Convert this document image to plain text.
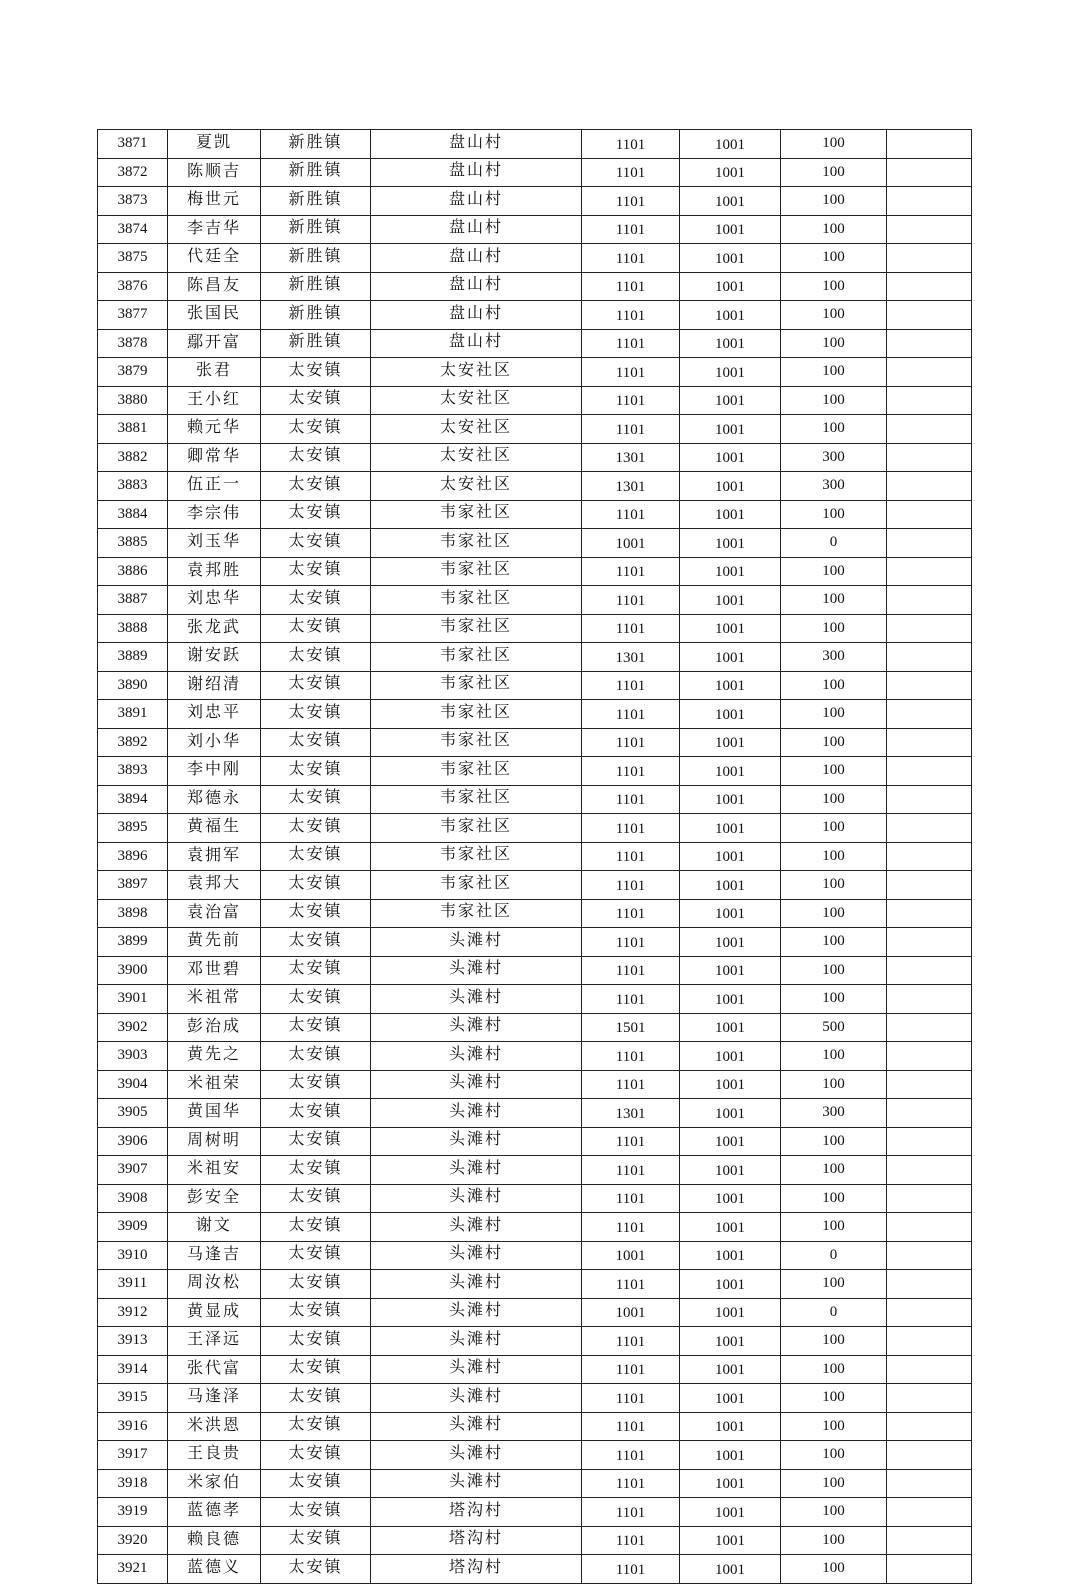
3871	夏凯	新胜镇	盘山村	1101	1001	100	
3872	陈顺吉	新胜镇	盘山村	1101	1001	100	
3873	梅世元	新胜镇	盘山村	1101	1001	100	
3874	李吉华	新胜镇	盘山村	1101	1001	100	
3875	代廷全	新胜镇	盘山村	1101	1001	100	
3876	陈昌友	新胜镇	盘山村	1101	1001	100	
3877	张国民	新胜镇	盘山村	1101	1001	100	
3878	鄢开富	新胜镇	盘山村	1101	1001	100	
3879	张君	太安镇	太安社区	1101	1001	100	
3880	王小红	太安镇	太安社区	1101	1001	100	
3881	赖元华	太安镇	太安社区	1101	1001	100	
3882	卿常华	太安镇	太安社区	1301	1001	300	
3883	伍正一	太安镇	太安社区	1301	1001	300	
3884	李宗伟	太安镇	韦家社区	1101	1001	100	
3885	刘玉华	太安镇	韦家社区	1001	1001	0	
3886	袁邦胜	太安镇	韦家社区	1101	1001	100	
3887	刘忠华	太安镇	韦家社区	1101	1001	100	
3888	张龙武	太安镇	韦家社区	1101	1001	100	
3889	谢安跃	太安镇	韦家社区	1301	1001	300	
3890	谢绍清	太安镇	韦家社区	1101	1001	100	
3891	刘忠平	太安镇	韦家社区	1101	1001	100	
3892	刘小华	太安镇	韦家社区	1101	1001	100	
3893	李中刚	太安镇	韦家社区	1101	1001	100	
3894	郑德永	太安镇	韦家社区	1101	1001	100	
3895	黄福生	太安镇	韦家社区	1101	1001	100	
3896	袁拥军	太安镇	韦家社区	1101	1001	100	
3897	袁邦大	太安镇	韦家社区	1101	1001	100	
3898	袁治富	太安镇	韦家社区	1101	1001	100	
3899	黄先前	太安镇	头滩村	1101	1001	100	
3900	邓世碧	太安镇	头滩村	1101	1001	100	
3901	米祖常	太安镇	头滩村	1101	1001	100	
3902	彭治成	太安镇	头滩村	1501	1001	500	
3903	黄先之	太安镇	头滩村	1101	1001	100	
3904	米祖荣	太安镇	头滩村	1101	1001	100	
3905	黄国华	太安镇	头滩村	1301	1001	300	
3906	周树明	太安镇	头滩村	1101	1001	100	
3907	米祖安	太安镇	头滩村	1101	1001	100	
3908	彭安全	太安镇	头滩村	1101	1001	100	
3909	谢文	太安镇	头滩村	1101	1001	100	
3910	马逢吉	太安镇	头滩村	1001	1001	0	
3911	周汝松	太安镇	头滩村	1101	1001	100	
3912	黄显成	太安镇	头滩村	1001	1001	0	
3913	王泽远	太安镇	头滩村	1101	1001	100	
3914	张代富	太安镇	头滩村	1101	1001	100	
3915	马逢泽	太安镇	头滩村	1101	1001	100	
3916	米洪恩	太安镇	头滩村	1101	1001	100	
3917	王良贵	太安镇	头滩村	1101	1001	100	
3918	米家伯	太安镇	头滩村	1101	1001	100	
3919	蓝德孝	太安镇	塔沟村	1101	1001	100	
3920	赖良德	太安镇	塔沟村	1101	1001	100	
3921	蓝德义	太安镇	塔沟村	1101	1001	100	
